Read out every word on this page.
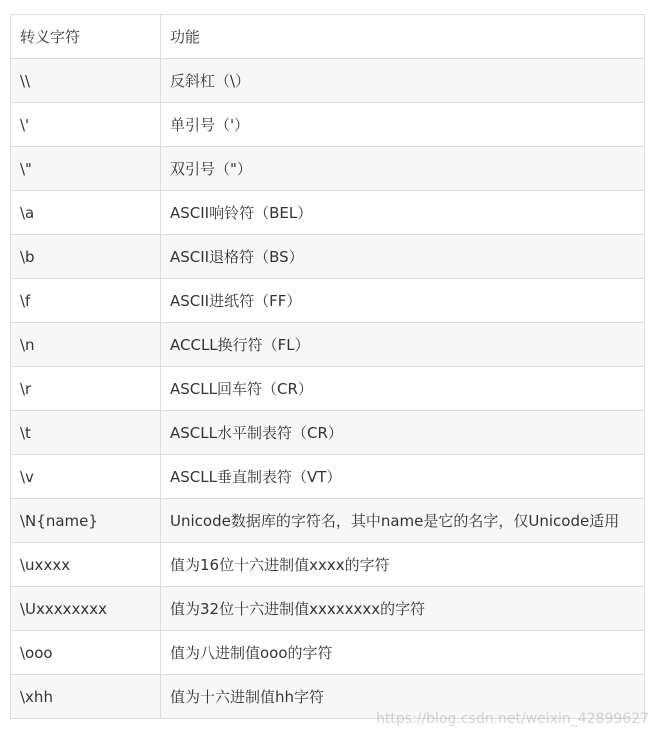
转义字符	功能
\\	反斜杠（\）
\'	单引号（'）
\"	双引号（"）
\a	ASCII响铃符（BEL）
\b	ASCII退格符（BS）
\f	ASCII进纸符（FF）
\n	ACCLL换行符（FL）
\r	ASCLL回车符（CR）
\t	ASCLL水平制表符（CR）
\v	ASCLL垂直制表符（VT）
\N{name}	Unicode数据库的字符名，其中name是它的名字，仅Unicode适用
\uxxxx	值为16位十六进制值xxxx的字符
\Uxxxxxxxx	值为32位十六进制值xxxxxxxx的字符
\ooo	值为八进制值ooo的字符
\xhh	值为十六进制值hh字符
https://blog.csdn.net/weixin_42899627
